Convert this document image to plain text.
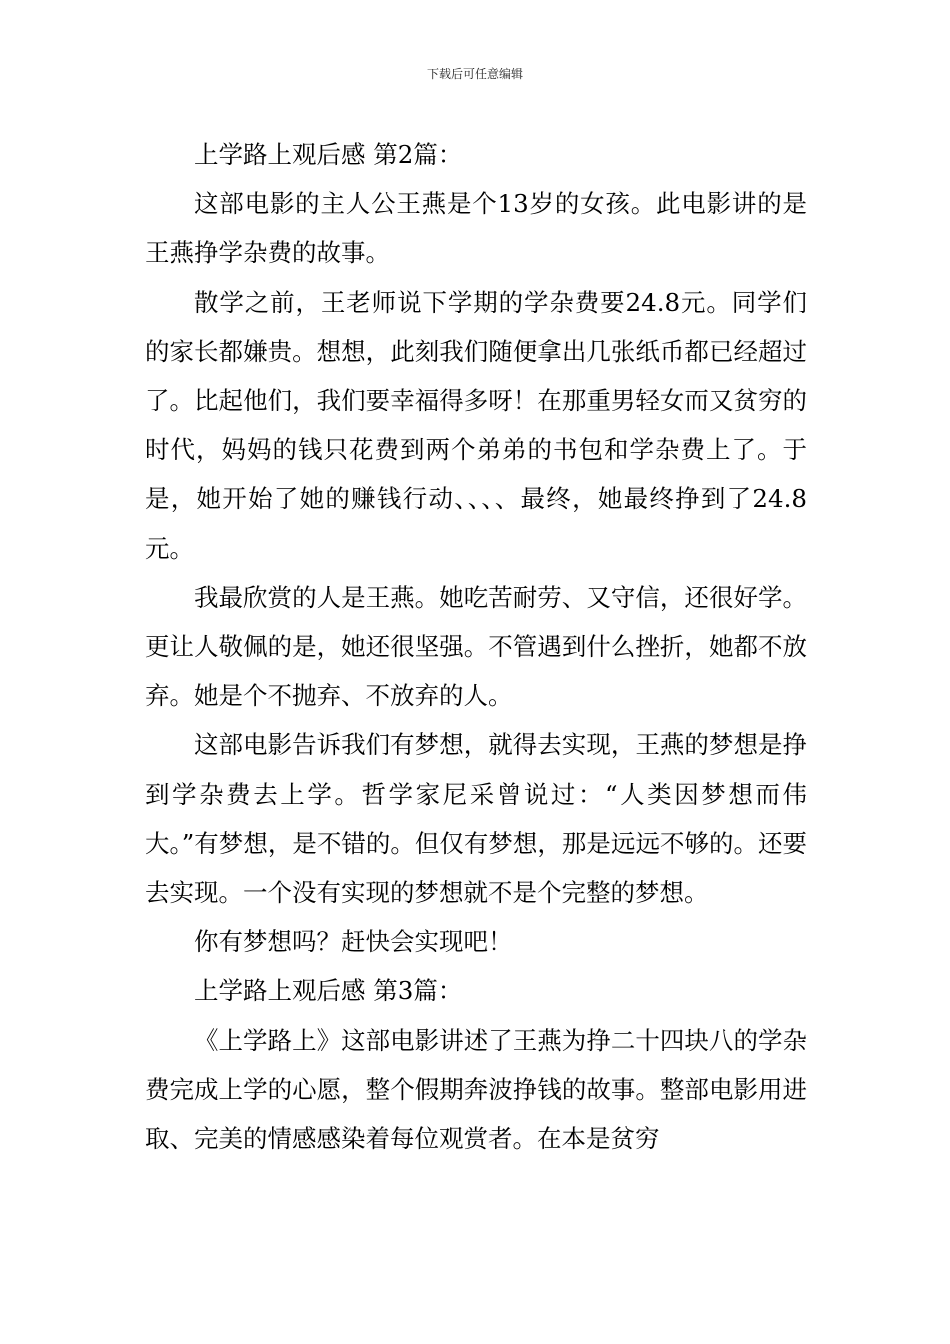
下载后可任意编辑

上学路上观后感 第2篇：

这部电影的主人公王燕是个13岁的女孩。此电影讲的是王燕挣学杂费的故事。

散学之前，王老师说下学期的学杂费要24.8元。同学们的家长都嫌贵。想想，此刻我们随便拿出几张纸币都已经超过了。比起他们，我们要幸福得多呀！在那重男轻女而又贫穷的时代，妈妈的钱只花费到两个弟弟的书包和学杂费上了。于是，她开始了她的赚钱行动、、、、最终，她最终挣到了24.8元。

我最欣赏的人是王燕。她吃苦耐劳、又守信，还很好学。更让人敬佩的是，她还很坚强。不管遇到什么挫折，她都不放弃。她是个不抛弃、不放弃的人。

这部电影告诉我们有梦想，就得去实现，王燕的梦想是挣到学杂费去上学。哲学家尼采曾说过：“人类因梦想而伟大。”有梦想，是不错的。但仅有梦想，那是远远不够的。还要去实现。一个没有实现的梦想就不是个完整的梦想。

你有梦想吗？赶快会实现吧！

上学路上观后感 第3篇：

《上学路上》这部电影讲述了王燕为挣二十四块八的学杂费完成上学的心愿，整个假期奔波挣钱的故事。整部电影用进取、完美的情感感染着每位观赏者。在本是贫穷
